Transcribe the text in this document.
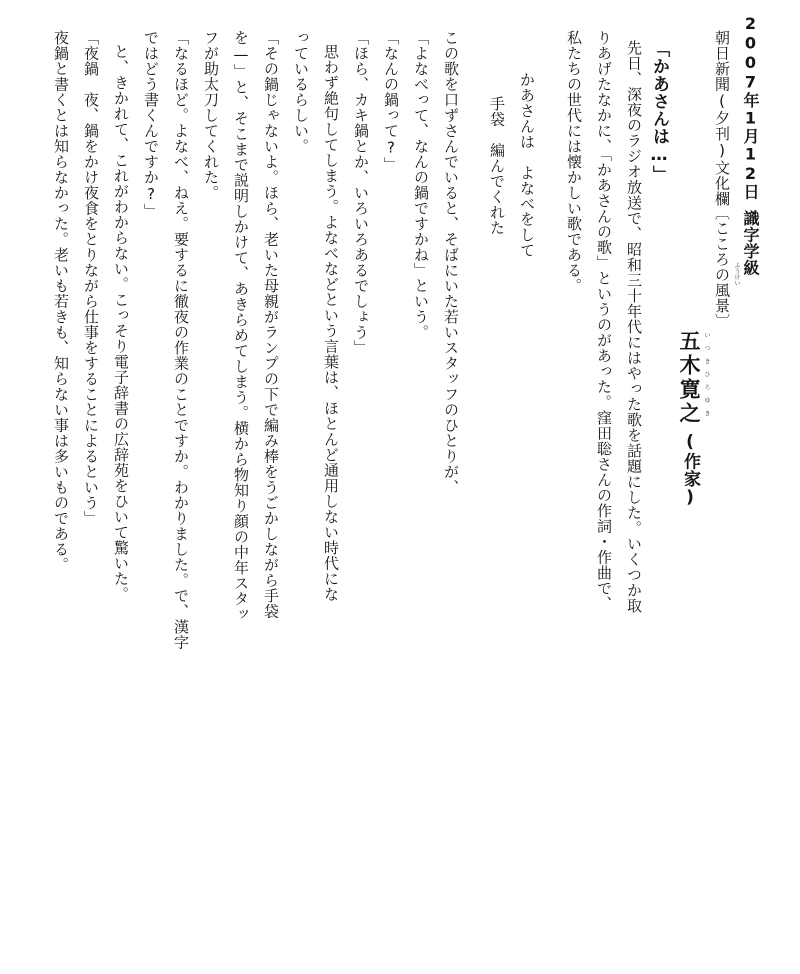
2007年1月12日
識字学級
朝日新聞(夕刊)文化欄
〔こころの風景〕 ふうけい
五木寛之
(作家)
いつきひろゆき
「かあさんは…」
先日、深夜のラジオ放送で、昭和三十年代にはやった歌を話題にした。いくつか取
りあげたなかに、「かあさんの歌」というのがあった。窪田聡さんの作詞・作曲で、
私たちの世代には懐かしい歌である。
かあさんは　よなべをして
手袋　編んでくれた
この歌を口ずさんでいると、そばにいた若いスタッフのひとりが、
「よなべって、なんの鍋ですかね」という。
「なんの鍋って?」
「ほら、カキ鍋とか、いろいろあるでしょう」
思わず絶句してしまう。よなべなどという言葉は、ほとんど通用しない時代にな
っているらしい。
「その鍋じゃないよ。ほら、老いた母親がランプの下で編み棒をうごかしながら手袋
を—」と、そこまで説明しかけて、あきらめてしまう。横から物知り顔の中年スタッ
フが助太刀してくれた。
「なるほど。よなべ、ねえ。要するに徹夜の作業のことですか。わかりました。で、漢字
ではどう書くんですか?」
と、きかれて、これがわからない。こっそり電子辞書の広辞苑をひいて驚いた。
「夜鍋　夜、鍋をかけ夜食をとりながら仕事をすることによるという」
夜鍋と書くとは知らなかった。老いも若きも、知らない事は多いものである。
